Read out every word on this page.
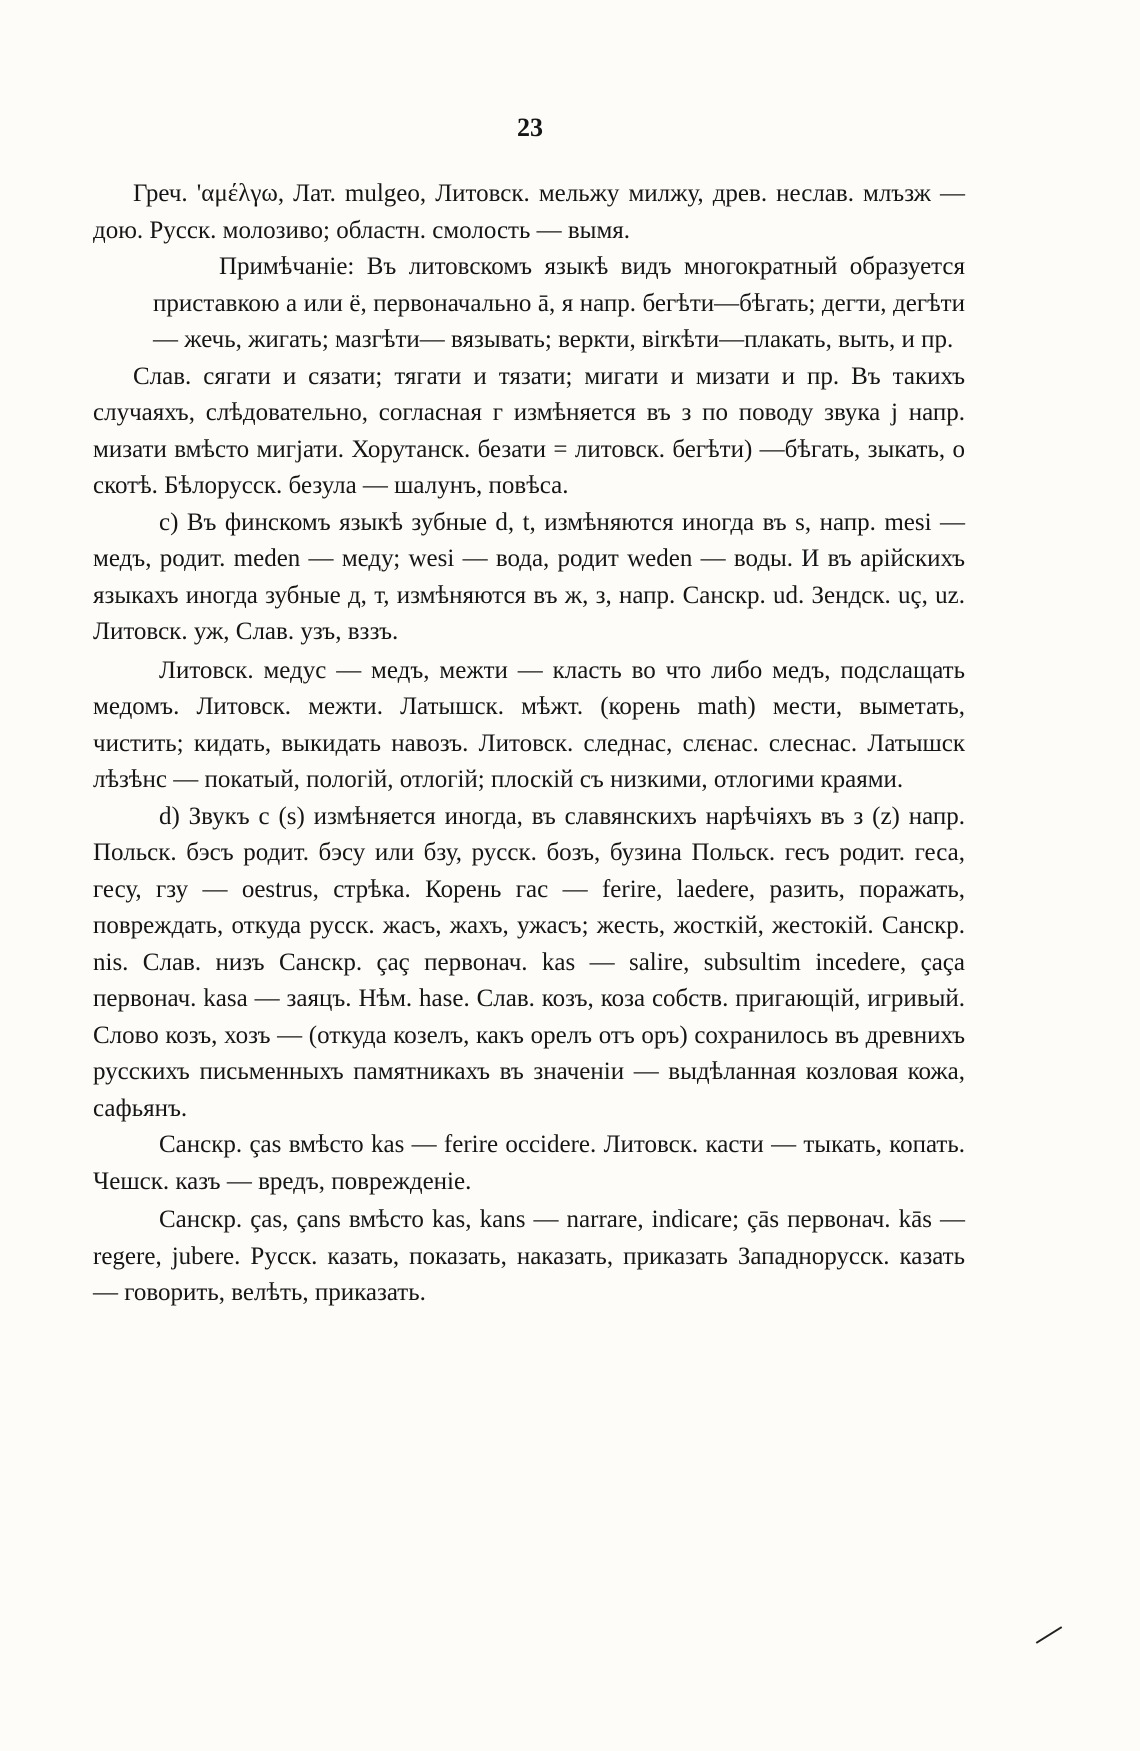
23

Греч. 'αμέλγω, Лат. mulgeo, Литовск. мельжу милжу, древ. неслав. млъзж —дою. Русск. молозиво; областн. смолость — вымя.

Примѣчаніе: Въ литовскомъ языкѣ видъ многократный образуется приставкою а или ё, первоначально ā, я напр. бегѣти—бѣгать; дегти, дегѣти — жечь, жигать; мазгѣти— вязывать; веркти, вirкѣти—плакать, выть, и пр.

Слав. сягати и сязати; тягати и тязати; мигати и мизати и пр. Въ такихъ случаяхъ, слѣдовательно, согласная г измѣняется въ з по поводу звука j напр. мизати вмѣсто мигjати. Хорутанск. безати = литовск. бегѣти) —бѣгать, зыкать, о скотѣ. Бѣлорусск. безула — шалунъ, повѣса.

c) Въ финскомъ языкѣ зубные d, t, измѣняются иногда въ s, напр. mesi — медъ, родит. meden — меду; wesi — вода, родит weden — воды. И въ арійскихъ языкахъ иногда зубные д, т, измѣняются въ ж, з, напр. Санскр. ud. Зендск. uç, uz. Литовск. уж, Слав. узъ, вззъ.

Литовск. медус — медъ, межти — класть во что либо медъ, подслащать медомъ. Литовск. межти. Латышск. мѣжт. (корень math) мести, выметать, чистить; кидать, выкидать навозъ. Литовск. следнас, слєнас. слеснас. Латышск лѣзѣнс — покатый, пологій, отлогій; плоскій съ низкими, отлогими краями.

d) Звукъ c (s) измѣняется иногда, въ славянскихъ нарѣчіяхъ въ з (z) напр. Польск. бэсъ родит. бэсу или бзу, русск. бозъ, бузина Польск. геcъ родит. геса, гесу, гзу — oestrus, стрѣка. Корень гас — ferire, laedere, разить, поражать, повреждать, откуда русск. жасъ, жахъ, ужасъ; жесть, жосткій, жестокій. Санскр. nis. Слав. низъ Санскр. çaç первонач. kas — salire, subsultim incedere, çaça первонач. kasa — заяцъ. Нѣм. hase. Слав. козъ, коза собств. пригающій, игривый. Слово козъ, хозъ — (откуда козелъ, какъ орелъ отъ оръ) сохранилось въ древнихъ русскихъ письменныхъ памятникахъ въ значеніи — выдѣланная козловая кожа, сафьянъ.

Санскр. ças вмѣсто kas — ferire occidere. Литовск. касти — тыкать, копать. Чешск. казъ — вредъ, поврежденіе.

Санскр. ças, çans вмѣсто kas, kans — narrare, indicare; çās первонач. kās — regere, jubere. Русск. казать, показать, наказать, приказать Западнорусск. казать — говорить, велѣть, приказать.
